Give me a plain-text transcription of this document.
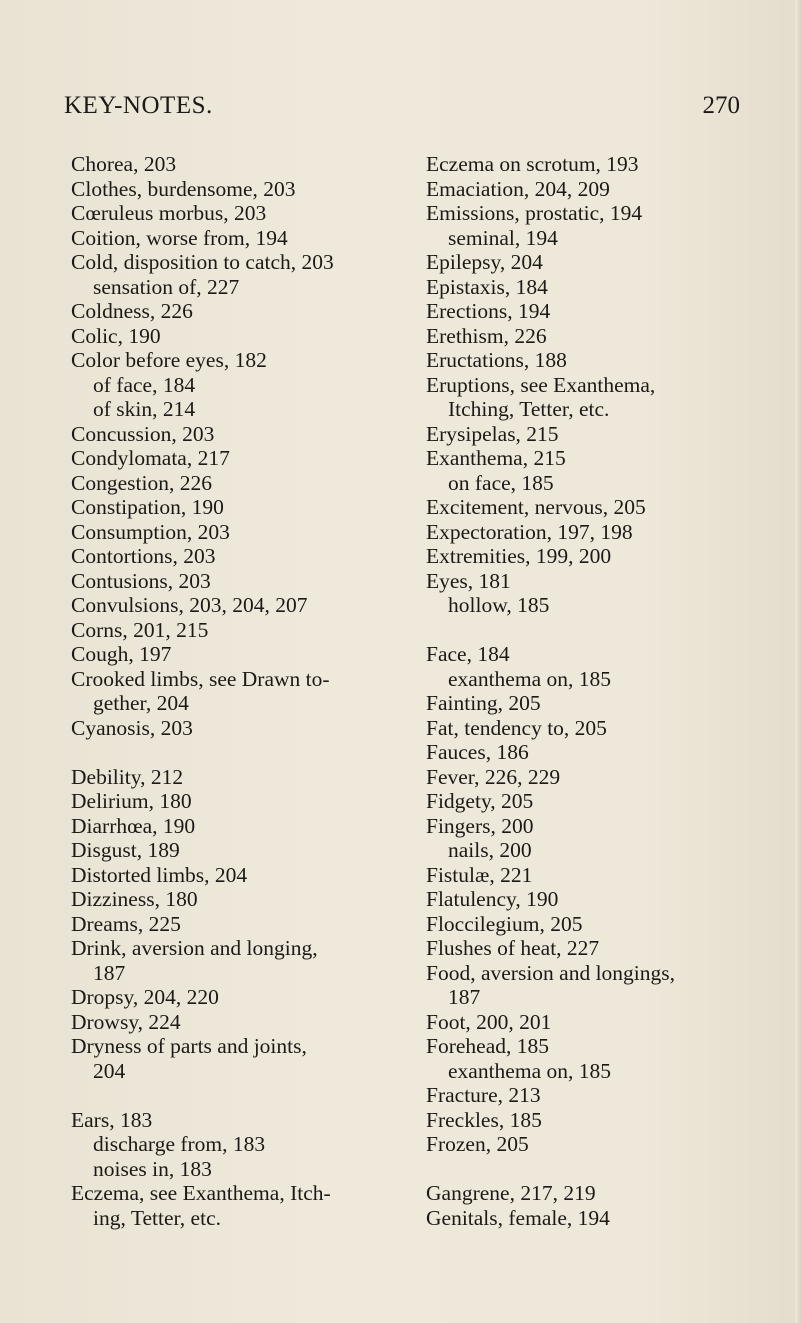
KEY-NOTES.	270
Chorea, 203
Clothes, burdensome, 203
Cœruleus morbus, 203
Coition, worse from, 194
Cold, disposition to catch, 203
sensation of, 227
Coldness, 226
Colic, 190
Color before eyes, 182
of face, 184
of skin, 214
Concussion, 203
Condylomata, 217
Congestion, 226
Constipation, 190
Consumption, 203
Contortions, 203
Contusions, 203
Convulsions, 203, 204, 207
Corns, 201, 215
Cough, 197
Crooked limbs, see Drawn to-
gether, 204
Cyanosis, 203
Debility, 212
Delirium, 180
Diarrhœa, 190
Disgust, 189
Distorted limbs, 204
Dizziness, 180
Dreams, 225
Drink, aversion and longing,
187
Dropsy, 204, 220
Drowsy, 224
Dryness of parts and joints,
204
Ears, 183
discharge from, 183
noises in, 183
Eczema, see Exanthema, Itch-
ing, Tetter, etc.
Eczema on scrotum, 193
Emaciation, 204, 209
Emissions, prostatic, 194
seminal, 194
Epilepsy, 204
Epistaxis, 184
Erections, 194
Erethism, 226
Eructations, 188
Eruptions, see Exanthema,
Itching, Tetter, etc.
Erysipelas, 215
Exanthema, 215
on face, 185
Excitement, nervous, 205
Expectoration, 197, 198
Extremities, 199, 200
Eyes, 181
hollow, 185
Face, 184
exanthema on, 185
Fainting, 205
Fat, tendency to, 205
Fauces, 186
Fever, 226, 229
Fidgety, 205
Fingers, 200
nails, 200
Fistulæ, 221
Flatulency, 190
Floccilegium, 205
Flushes of heat, 227
Food, aversion and longings,
187
Foot, 200, 201
Forehead, 185
exanthema on, 185
Fracture, 213
Freckles, 185
Frozen, 205
Gangrene, 217, 219
Genitals, female, 194
